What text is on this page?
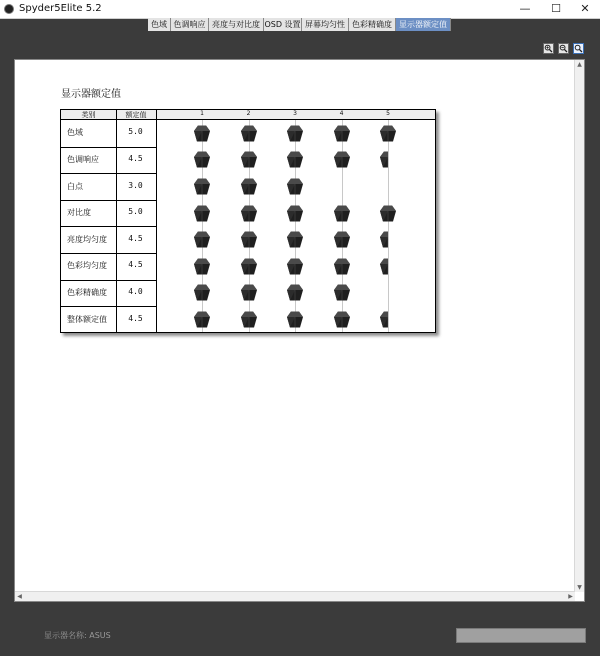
Spyder5Elite 5.2	—	☐	✕
色域 色调响应 亮度与对比度 OSD 设置 屏幕均匀性 色彩精确度 显示器额定值
显示器额定值
类别	额定值	1	2	3	4	5
色域	5.0
色调响应	4.5
白点	3.0
对比度	5.0
亮度均匀度	4.5
色彩均匀度	4.5
色彩精确度	4.0
整体额定值	4.5
▲
▼
◀	▶
显示器名称: ASUS
